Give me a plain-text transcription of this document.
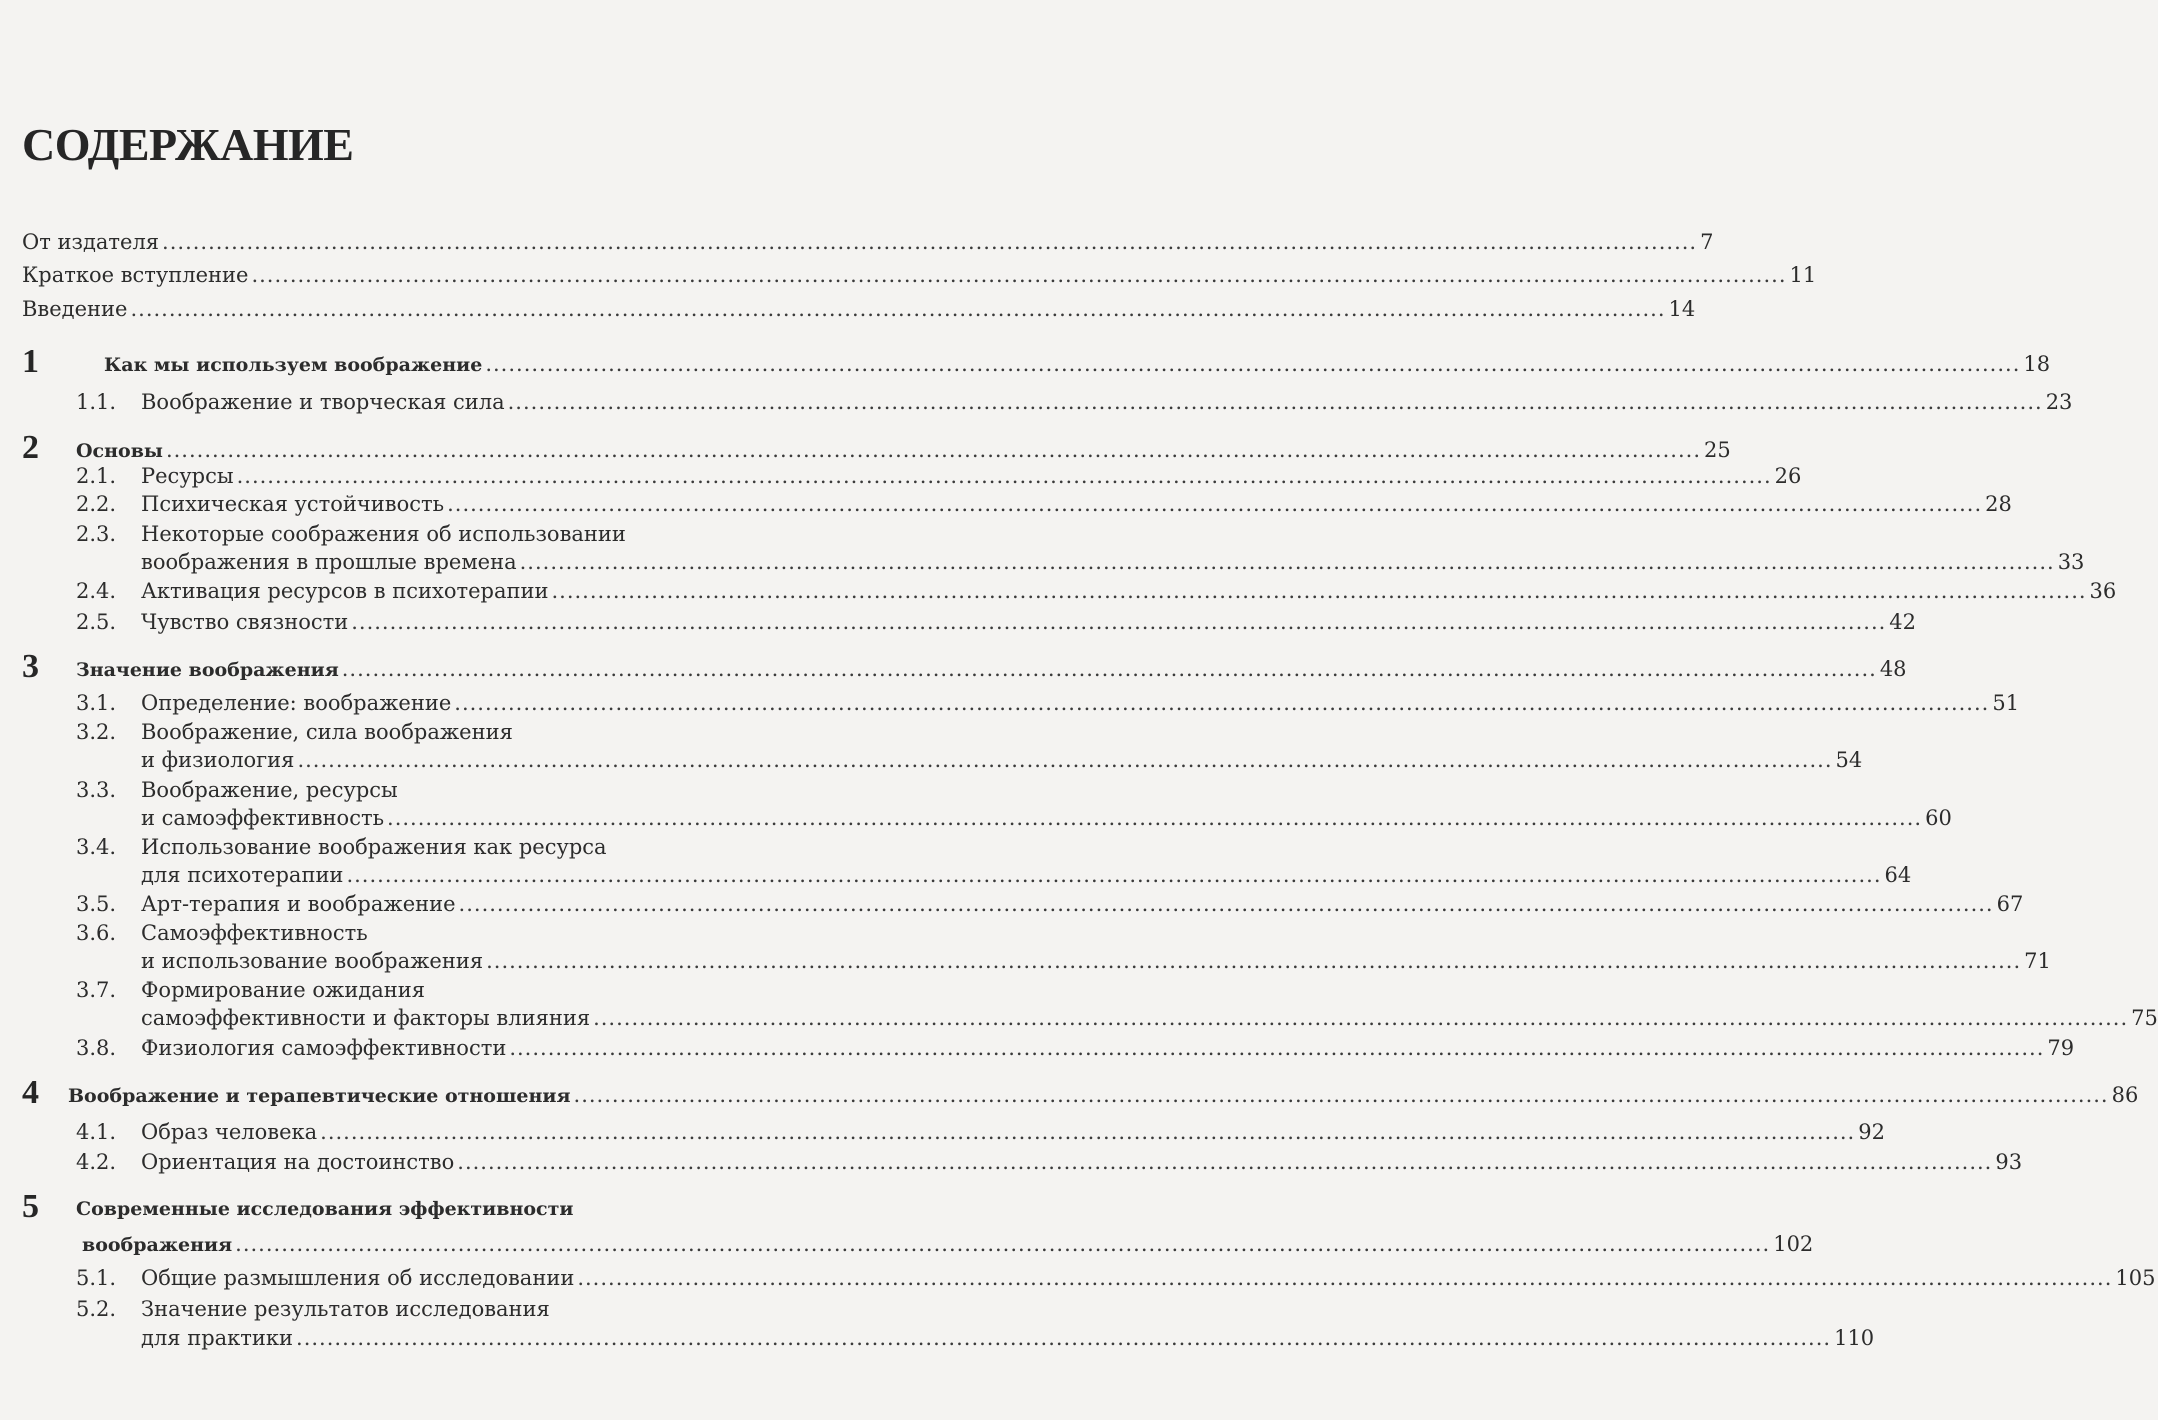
СОДЕРЖАНИЕ
От издателя ........................................................................................................................................................................................................ 7
Краткое вступление ........................................................................................................................................................................................................ 11
Введение ........................................................................................................................................................................................................ 14
1	Как мы используем воображение ........................................................................................................................................................................................................ 18
1.1. Воображение и творческая сила ........................................................................................................................................................................................................ 23
2 Основы ........................................................................................................................................................................................................ 25
2.1. Ресурсы ........................................................................................................................................................................................................ 26
2.2. Психическая устойчивость ........................................................................................................................................................................................................ 28
2.3. Некоторые соображения об использовании
воображения в прошлые времена ........................................................................................................................................................................................................ 33
2.4. Активация ресурсов в психотерапии ........................................................................................................................................................................................................ 36
2.5. Чувство связности ........................................................................................................................................................................................................ 42
3 Значение воображения ........................................................................................................................................................................................................ 48
3.1. Определение: воображение ........................................................................................................................................................................................................ 51
3.2. Воображение, сила воображения
и физиология ........................................................................................................................................................................................................ 54
3.3. Воображение, ресурсы
и самоэффективность ........................................................................................................................................................................................................ 60
3.4. Использование воображения как ресурса
для психотерапии ........................................................................................................................................................................................................ 64
3.5. Арт-терапия и воображение ........................................................................................................................................................................................................ 67
3.6. Самоэффективность
и использование воображения ........................................................................................................................................................................................................ 71
3.7. Формирование ожидания
самоэффективности и факторы влияния ........................................................................................................................................................................................................ 75
3.8. Физиология самоэффективности ........................................................................................................................................................................................................ 79
4 Воображение и терапевтические отношения ........................................................................................................................................................................................................ 86
4.1. Образ человека ........................................................................................................................................................................................................ 92
4.2. Ориентация на достоинство ........................................................................................................................................................................................................ 93
5 Современные исследования эффективности
воображения ........................................................................................................................................................................................................ 102
5.1. Общие размышления об исследовании ........................................................................................................................................................................................................ 105
5.2. Значение результатов исследования
для практики ........................................................................................................................................................................................................ 110
